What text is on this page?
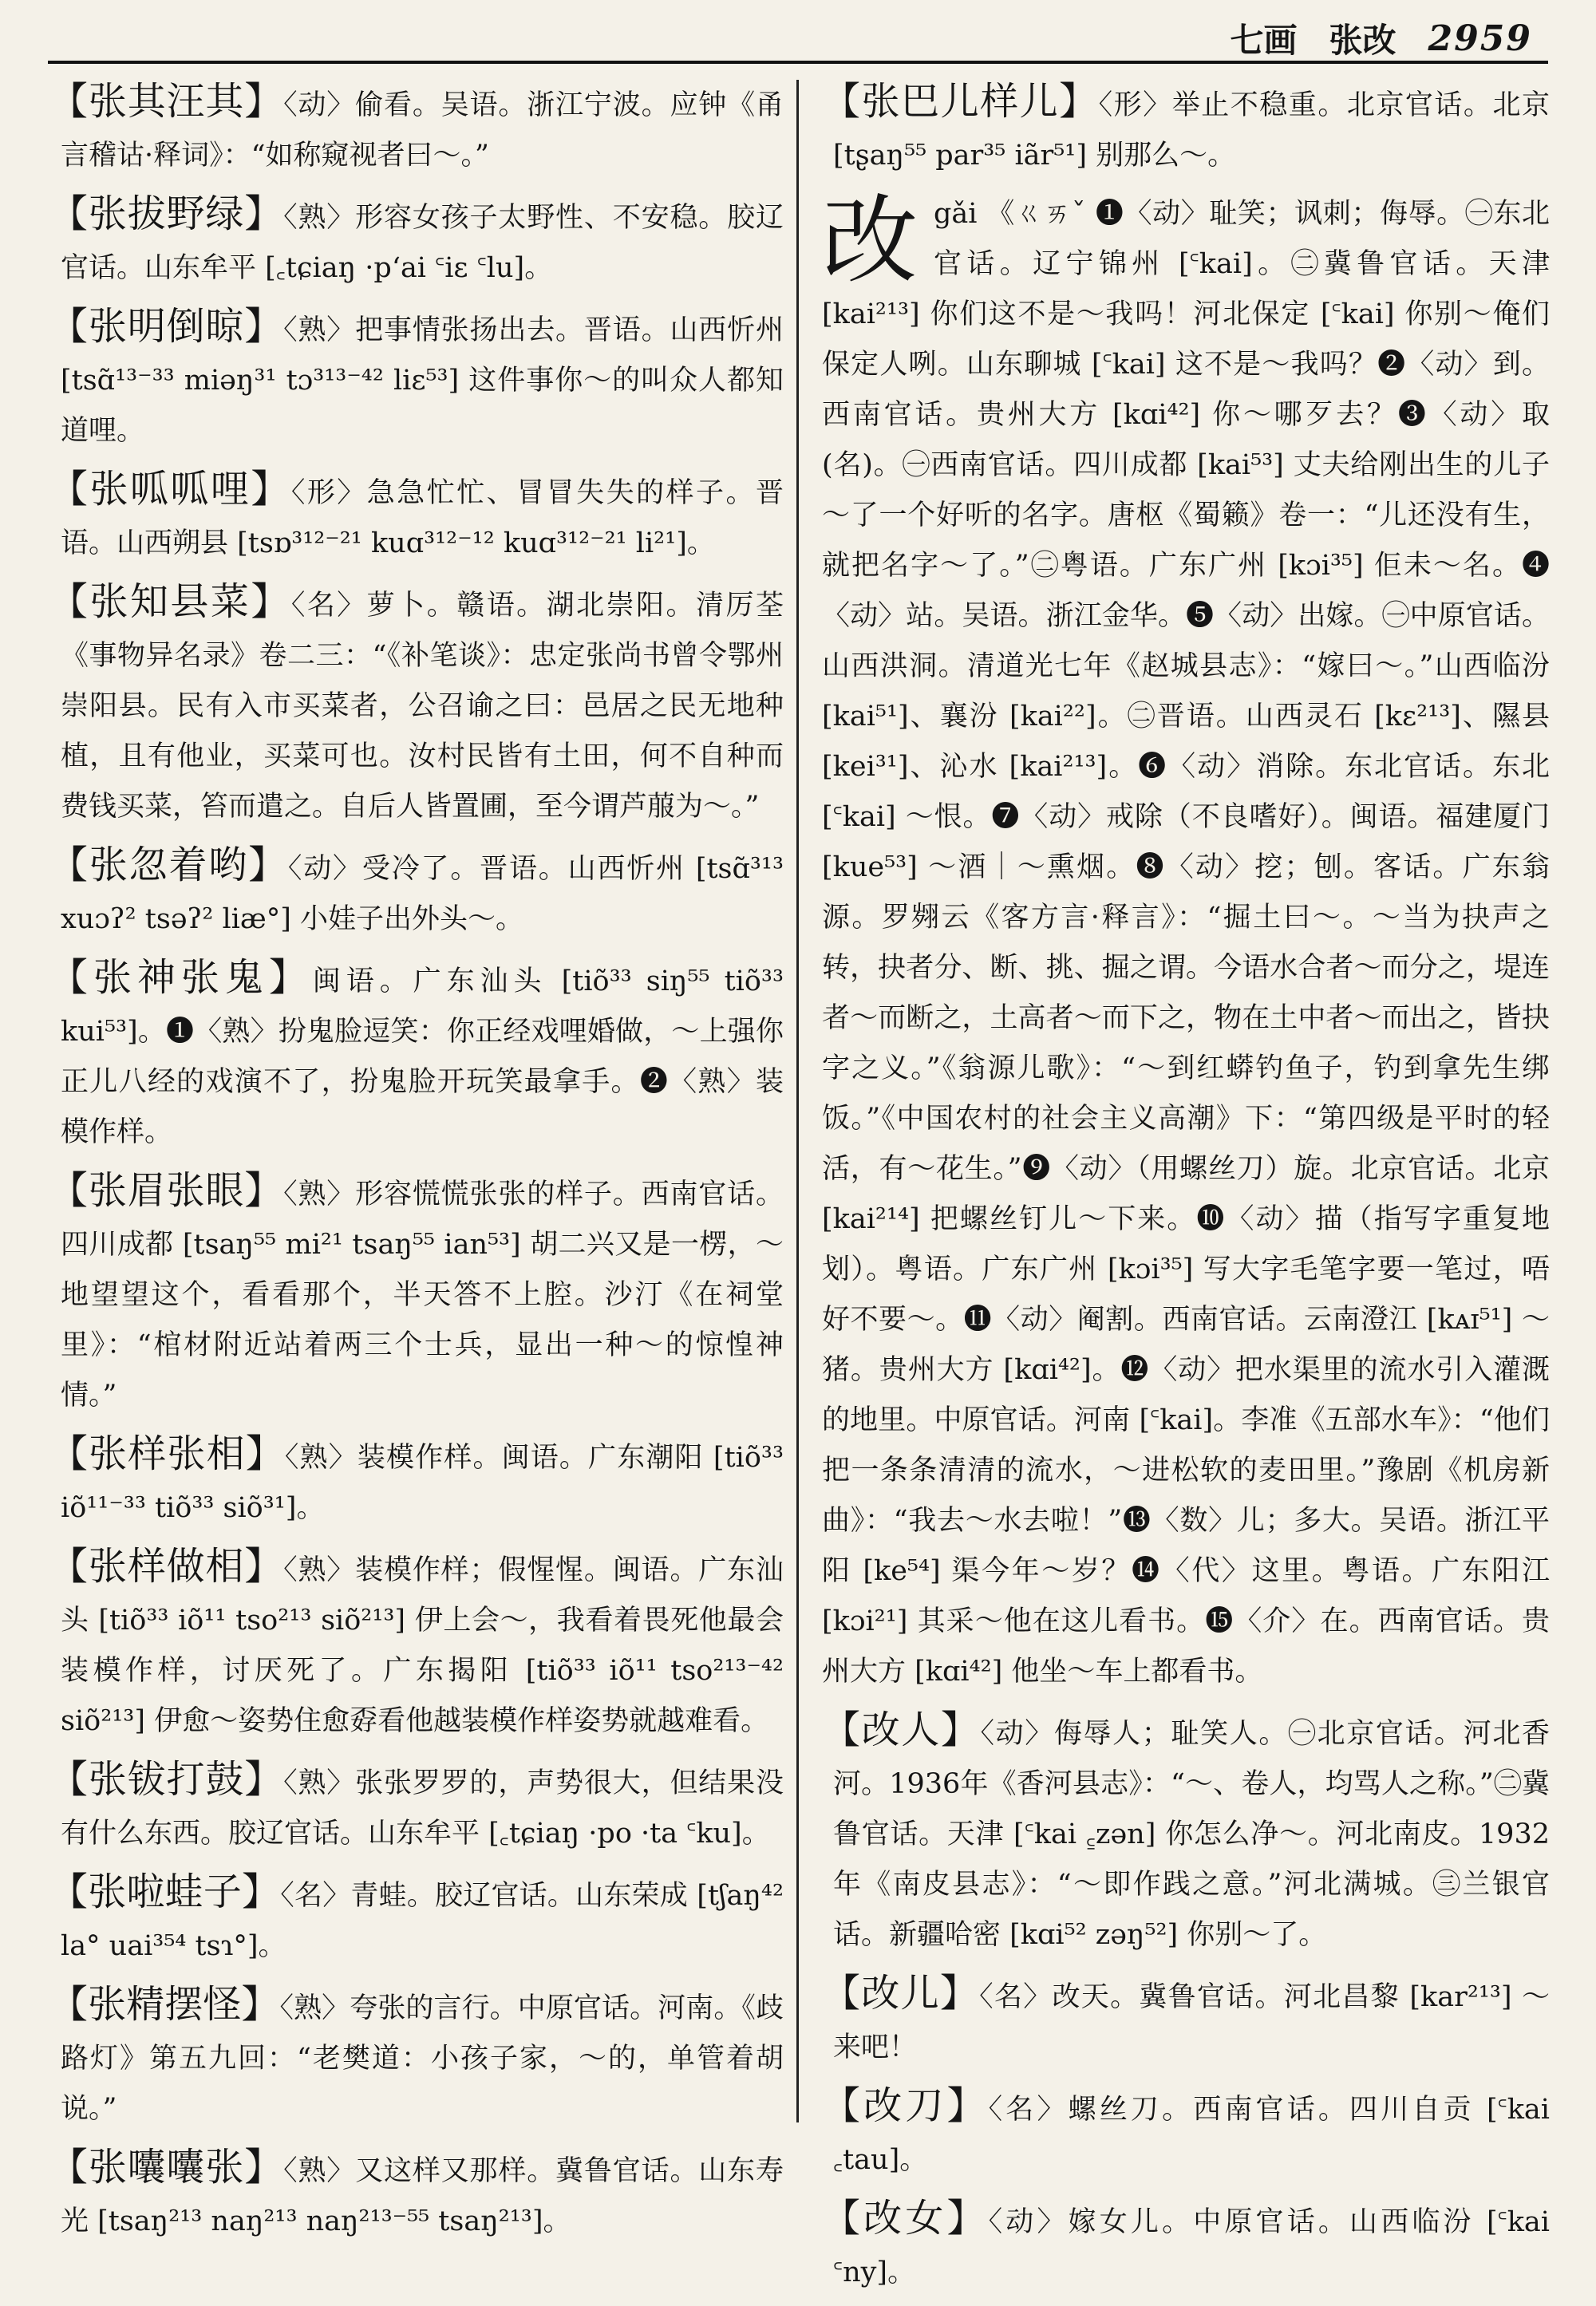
七画 张改 2959

【张其汪其】〈动〉偷看。吴语。浙江宁波。应钟《甬言稽诂·释词》：“如称窥视者曰～。”

【张拔野绿】〈熟〉形容女孩子太野性、不安稳。胶辽官话。山东牟平 [꜀tɕiaŋ ·pʻai ꜂iɛ ꜂lu]。

【张明倒晾】〈熟〉把事情张扬出去。晋语。山西忻州 [tsɑ̃¹³⁻³³ miəŋ³¹ tɔ³¹³⁻⁴² liɛ⁵³] 这件事你～的叫众人都知道哩。

【张呱呱哩】〈形〉急急忙忙、冒冒失失的样子。晋语。山西朔县 [tsɒ³¹²⁻²¹ kuɑ³¹²⁻¹² kuɑ³¹²⁻²¹ li²¹]。

【张知县菜】〈名〉萝卜。赣语。湖北崇阳。清厉荃《事物异名录》卷二三：“《补笔谈》：忠定张尚书曾令鄂州崇阳县。民有入市买菜者，公召谕之曰：邑居之民无地种植，且有他业，买菜可也。汝村民皆有土田，何不自种而费钱买菜，笞而遣之。自后人皆置圃，至今谓芦菔为～。”

【张忽着哟】〈动〉受冷了。晋语。山西忻州 [tsɑ̃³¹³ xuɔʔ² tsəʔ² liæ°] 小娃子出外头～。

【张神张鬼】闽语。广东汕头 [tiõ³³ siŋ⁵⁵ tiõ³³ kui⁵³]。❶〈熟〉扮鬼脸逗笑：你正经戏哩婚做，～上强你正儿八经的戏演不了，扮鬼脸开玩笑最拿手。❷〈熟〉装模作样。

【张眉张眼】〈熟〉形容慌慌张张的样子。西南官话。四川成都 [tsaŋ⁵⁵ mi²¹ tsaŋ⁵⁵ ian⁵³] 胡二兴又是一楞，～地望望这个，看看那个，半天答不上腔。沙汀《在祠堂里》：“棺材附近站着两三个士兵，显出一种～的惊惶神情。”

【张样张相】〈熟〉装模作样。闽语。广东潮阳 [tiõ³³ iõ¹¹⁻³³ tiõ³³ siõ³¹]。

【张样做相】〈熟〉装模作样；假惺惺。闽语。广东汕头 [tiõ³³ iõ¹¹ tso²¹³ siõ²¹³] 伊上会～，我看着畏死他最会装模作样，讨厌死了。广东揭阳 [tiõ³³ iõ¹¹ tso²¹³⁻⁴² siõ²¹³] 伊愈～姿势住愈孬看他越装模作样姿势就越难看。

【张钹打鼓】〈熟〉张张罗罗的，声势很大，但结果没有什么东西。胶辽官话。山东牟平 [꜀tɕiaŋ ·po ·ta ꜂ku]。

【张啦蛙子】〈名〉青蛙。胶辽官话。山东荣成 [tʃaŋ⁴² la° uai³⁵⁴ tsɿ°]。

【张精摆怪】〈熟〉夸张的言行。中原官话。河南。《歧路灯》第五九回：“老樊道：小孩子家，～的，单管着胡说。”

【张囔囔张】〈熟〉又这样又那样。冀鲁官话。山东寿光 [tsaŋ²¹³ naŋ²¹³ naŋ²¹³⁻⁵⁵ tsaŋ²¹³]。

【张巴儿样儿】〈形〉举止不稳重。北京官话。北京 [tʂaŋ⁵⁵ par³⁵ iãr⁵¹] 别那么～。

改gǎi 《ㄍㄞˇ ❶〈动〉耻笑；讽刺；侮辱。㊀东北官话。辽宁锦州 [꜂kai]。㊁冀鲁官话。天津 [kai²¹³] 你们这不是～我吗！河北保定 [꜂kai] 你别～俺们保定人咧。山东聊城 [꜂kai] 这不是～我吗？❷〈动〉到。西南官话。贵州大方 [kɑi⁴²] 你～哪歹去？❸〈动〉取(名)。㊀西南官话。四川成都 [kai⁵³] 丈夫给刚出生的儿子～了一个好听的名字。唐枢《蜀籁》卷一：“儿还没有生，就把名字～了。”㊁粤语。广东广州 [kɔi³⁵] 佢未～名。❹〈动〉站。吴语。浙江金华。❺〈动〉出嫁。㊀中原官话。山西洪洞。清道光七年《赵城县志》：“嫁曰～。”山西临汾 [kai⁵¹]、襄汾 [kai²²]。㊁晋语。山西灵石 [kɛ²¹³]、隰县 [kei³¹]、沁水 [kai²¹³]。❻〈动〉消除。东北官话。东北 [꜂kai] ～恨。❼〈动〉戒除（不良嗜好）。闽语。福建厦门 [kue⁵³] ～酒｜～熏烟。❽〈动〉挖；刨。客话。广东翁源。罗翙云《客方言·释言》：“掘土曰～。～当为抉声之转，抉者分、断、挑、掘之谓。今语水合者～而分之，堤连者～而断之，土高者～而下之，物在土中者～而出之，皆抉字之义。”《翁源儿歌》：“～到红蟒钓鱼子，钓到拿先生绑饭。”《中国农村的社会主义高潮》下：“第四级是平时的轻活，有～花生。”❾〈动〉（用螺丝刀）旋。北京官话。北京 [kai²¹⁴] 把螺丝钉儿～下来。❿〈动〉描（指写字重复地划）。粤语。广东广州 [kɔi³⁵] 写大字毛笔字要一笔过，唔好不要～。⓫〈动〉阉割。西南官话。云南澄江 [kᴀɪ⁵¹] ～猪。贵州大方 [kɑi⁴²]。⓬〈动〉把水渠里的流水引入灌溉的地里。中原官话。河南 [꜂kai]。李准《五部水车》：“他们把一条条清清的流水，～进松软的麦田里。”豫剧《机房新曲》：“我去～水去啦！”⓭〈数〉儿；多大。吴语。浙江平阳 [ke⁵⁴] 渠今年～岁？⓮〈代〉这里。粤语。广东阳江 [kɔi²¹] 其采～他在这儿看书。⓯〈介〉在。西南官话。贵州大方 [kɑi⁴²] 他坐～车上都看书。

【改人】〈动〉侮辱人；耻笑人。㊀北京官话。河北香河。1936年《香河县志》：“～、卷人，均骂人之称。”㊁冀鲁官话。天津 [꜂kai ꜁zən] 你怎么净～。河北南皮。1932年《南皮县志》：“～即作践之意。”河北满城。㊂兰银官话。新疆哈密 [kɑi⁵² zəŋ⁵²] 你别～了。

【改儿】〈名〉改天。冀鲁官话。河北昌黎 [kar²¹³] ～来吧！

【改刀】〈名〉螺丝刀。西南官话。四川自贡 [꜂kai ꜀tau]。

【改女】〈动〉嫁女儿。中原官话。山西临汾 [꜂kai ꜂ny]。
